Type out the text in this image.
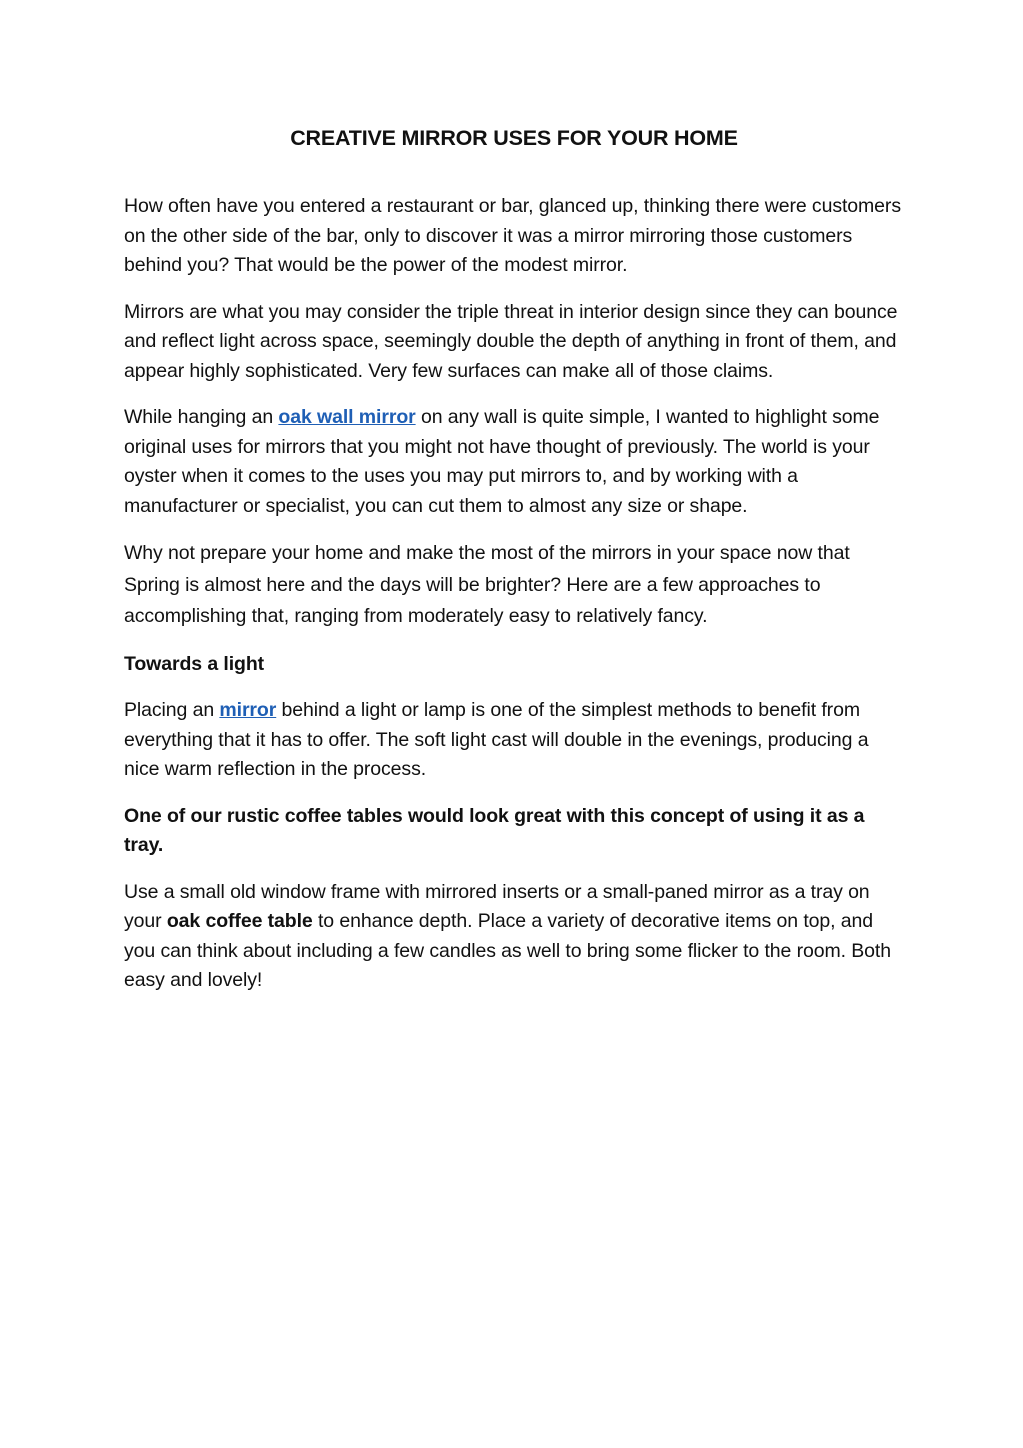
CREATIVE MIRROR USES FOR YOUR HOME

How often have you entered a restaurant or bar, glanced up, thinking there were customers on the other side of the bar, only to discover it was a mirror mirroring those customers behind you? That would be the power of the modest mirror.

Mirrors are what you may consider the triple threat in interior design since they can bounce and reflect light across space, seemingly double the depth of anything in front of them, and appear highly sophisticated. Very few surfaces can make all of those claims.

While hanging an oak wall mirror on any wall is quite simple, I wanted to highlight some original uses for mirrors that you might not have thought of previously. The world is your oyster when it comes to the uses you may put mirrors to, and by working with a manufacturer or specialist, you can cut them to almost any size or shape.

Why not prepare your home and make the most of the mirrors in your space now that Spring is almost here and the days will be brighter? Here are a few approaches to accomplishing that, ranging from moderately easy to relatively fancy.

Towards a light

Placing an mirror behind a light or lamp is one of the simplest methods to benefit from everything that it has to offer. The soft light cast will double in the evenings, producing a nice warm reflection in the process.

One of our rustic coffee tables would look great with this concept of using it as a tray.

Use a small old window frame with mirrored inserts or a small-paned mirror as a tray on your oak coffee table to enhance depth. Place a variety of decorative items on top, and you can think about including a few candles as well to bring some flicker to the room. Both easy and lovely!
